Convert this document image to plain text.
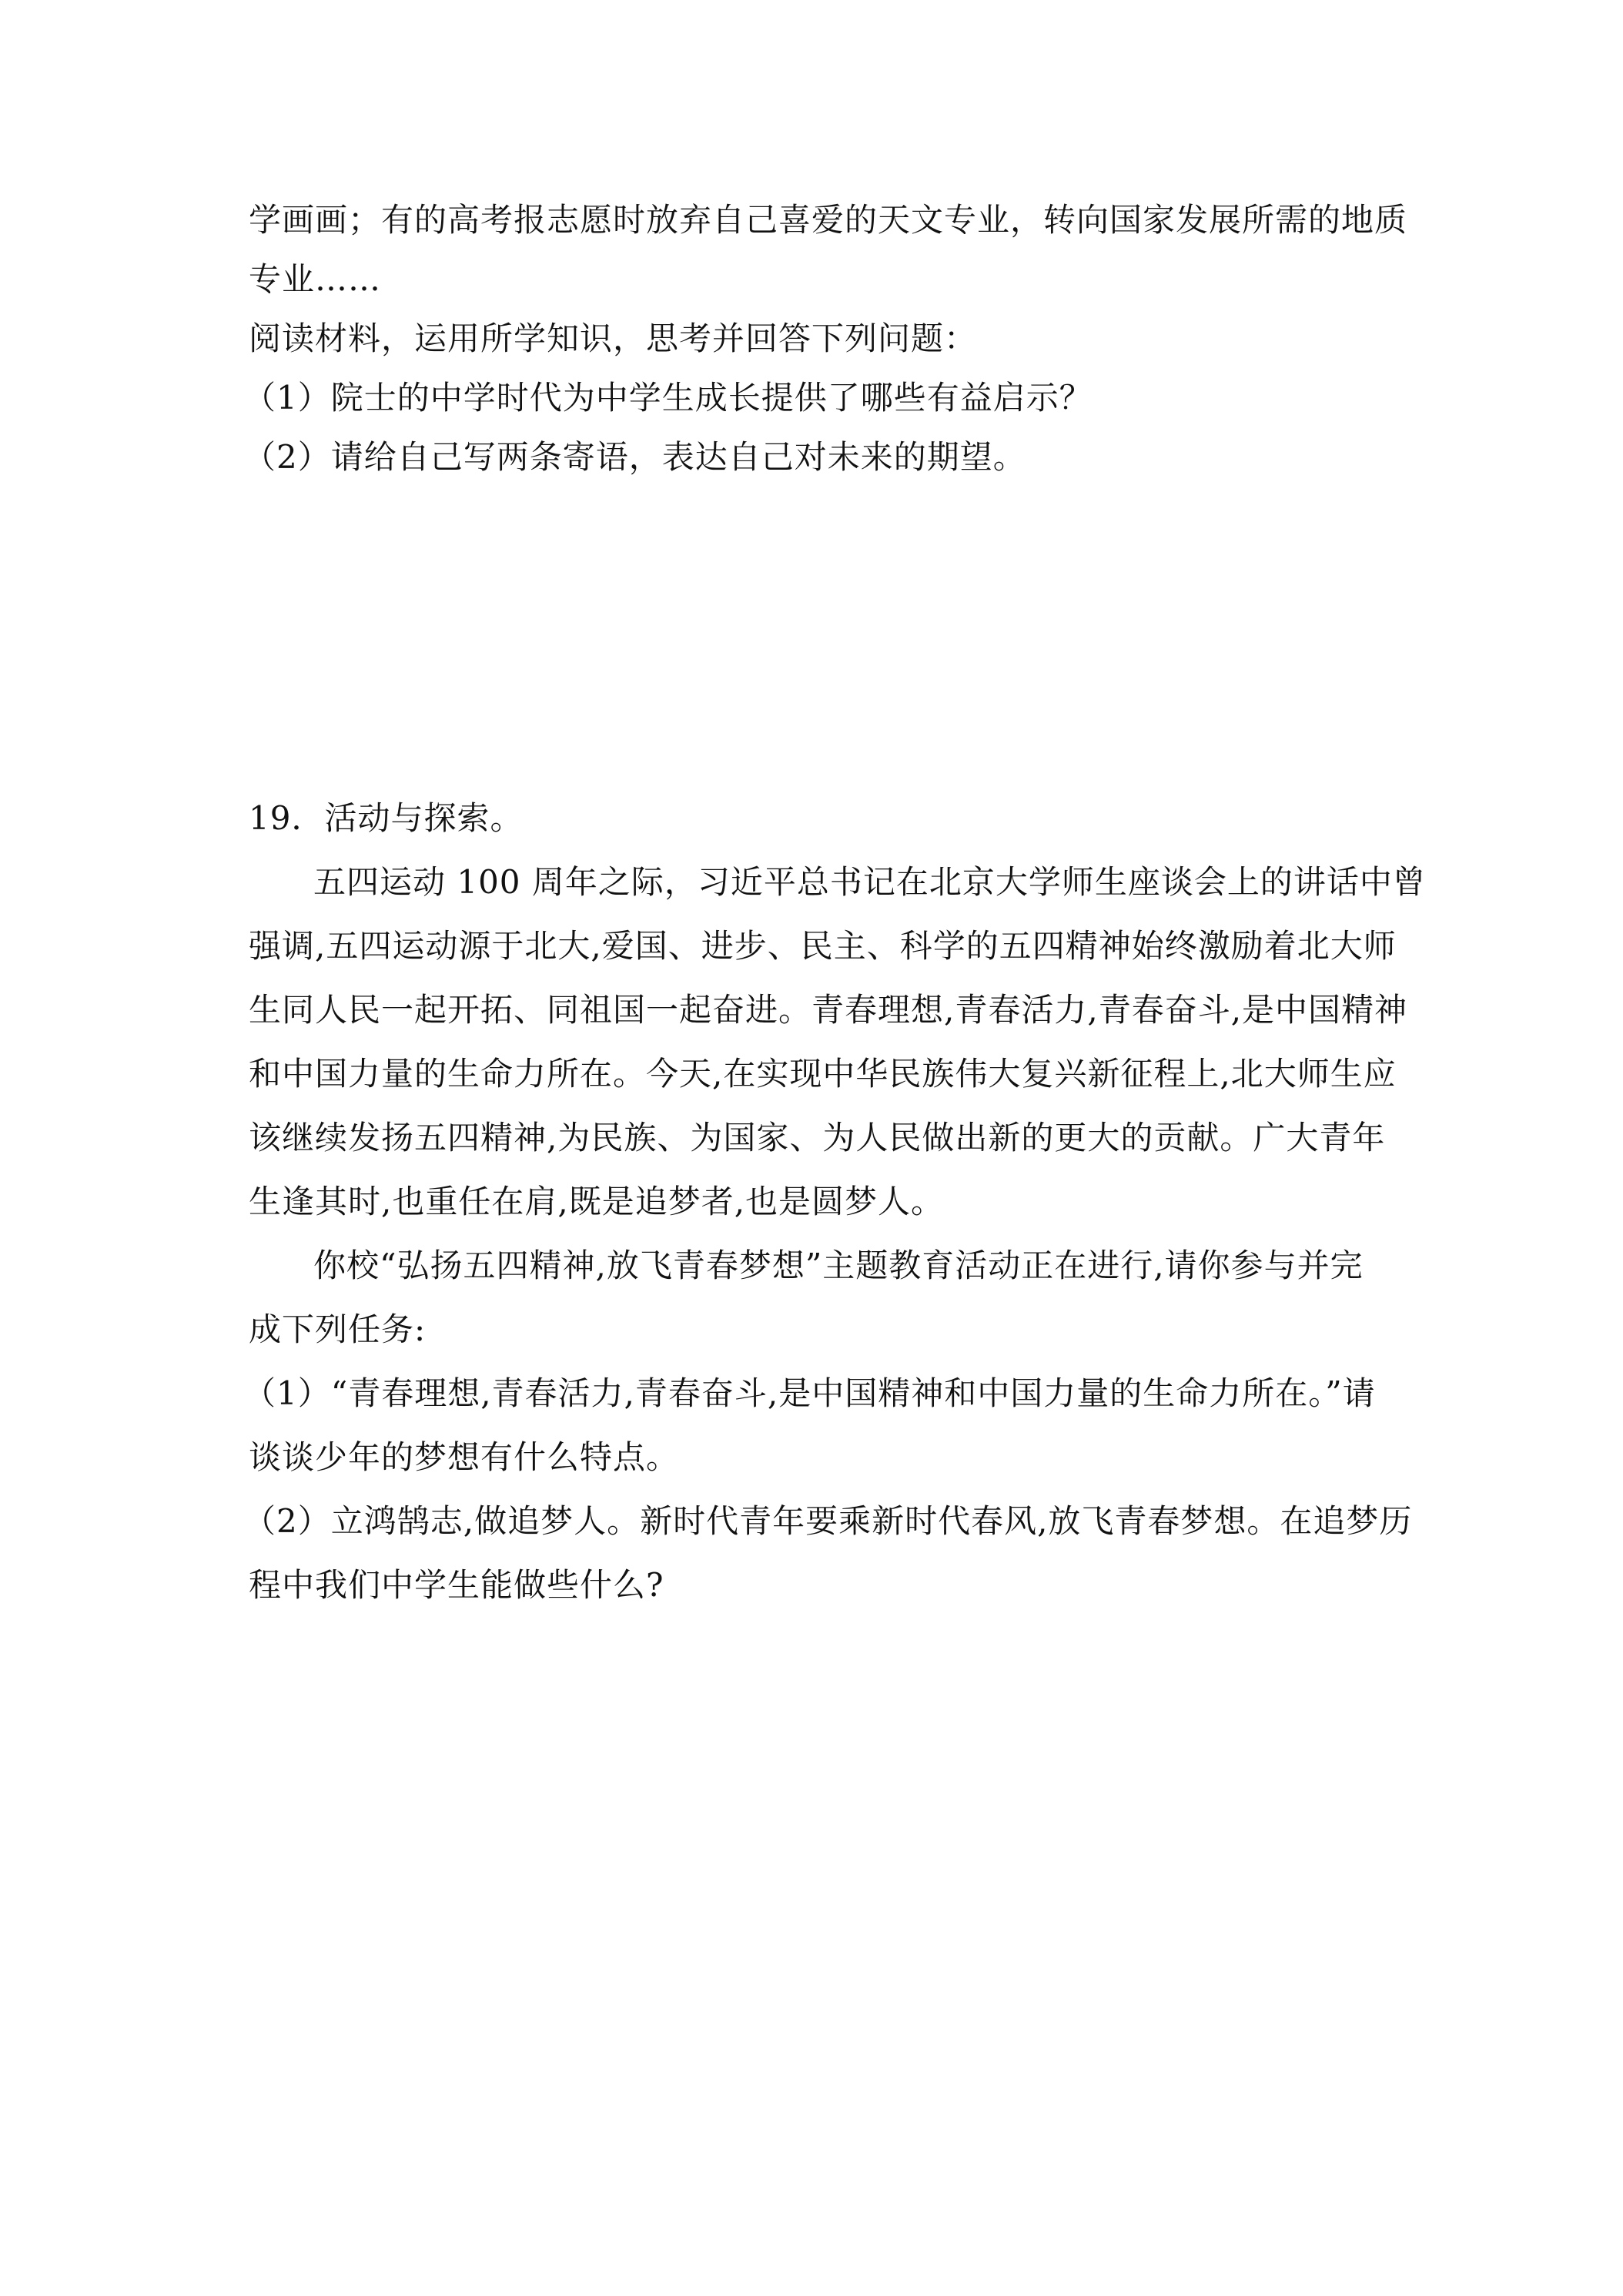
学画画；有的高考报志愿时放弃自己喜爱的天文专业，转向国家发展所需的地质
专业……
阅读材料，运用所学知识，思考并回答下列问题：
（1）院士的中学时代为中学生成长提供了哪些有益启示？
（2）请给自己写两条寄语，表达自己对未来的期望。
19．活动与探索。
五四运动 100 周年之际，习近平总书记在北京大学师生座谈会上的讲话中曾
强调,五四运动源于北大,爱国、进步、民主、科学的五四精神始终激励着北大师
生同人民一起开拓、同祖国一起奋进。青春理想,青春活力,青春奋斗,是中国精神
和中国力量的生命力所在。今天,在实现中华民族伟大复兴新征程上,北大师生应
该继续发扬五四精神,为民族、为国家、为人民做出新的更大的贡献。广大青年
生逢其时,也重任在肩,既是追梦者,也是圆梦人。
你校“弘扬五四精神,放飞青春梦想”主题教育活动正在进行,请你参与并完
成下列任务:
（1）“青春理想,青春活力,青春奋斗,是中国精神和中国力量的生命力所在。”请
谈谈少年的梦想有什么特点。
（2）立鸿鹄志,做追梦人。新时代青年要乘新时代春风,放飞青春梦想。在追梦历
程中我们中学生能做些什么?
